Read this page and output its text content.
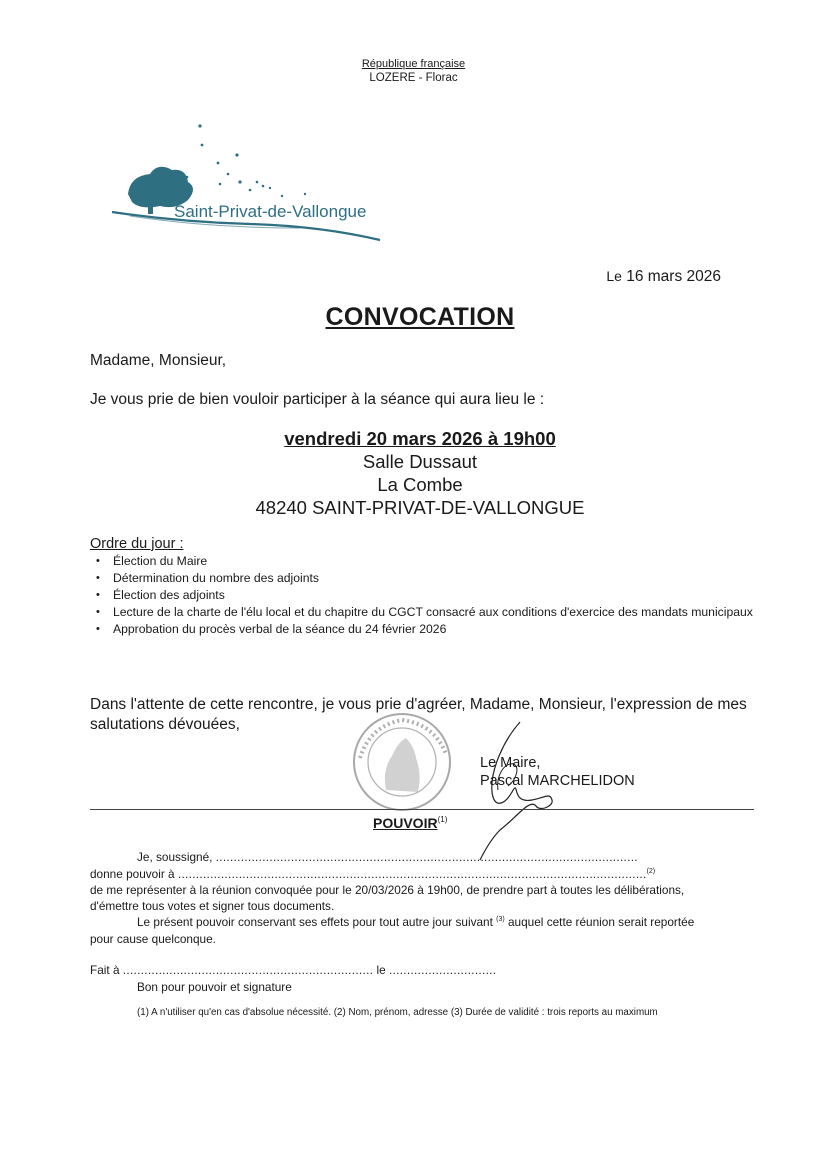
République française
LOZERE - Florac
Saint-Privat-de-Vallongue
Le 16 mars 2026
CONVOCATION
Madame, Monsieur,
Je vous prie de bien vouloir participer à la séance qui aura lieu le :
vendredi 20 mars 2026 à 19h00
Salle Dussaut
La Combe
48240 SAINT-PRIVAT-DE-VALLONGUE
Ordre du jour :
• Élection du Maire
• Détermination du nombre des adjoints
• Élection des adjoints
• Lecture de la charte de l'élu local et du chapitre du CGCT consacré aux conditions d'exercice des mandats municipaux
• Approbation du procès verbal de la séance du 24 février 2026
Dans l'attente de cette rencontre, je vous prie d'agréer, Madame, Monsieur, l'expression de mes salutations dévouées,
Le Maire,
Pascal MARCHELIDON
POUVOIR$^{(1)}$
Je, soussigné, ......................................................................................................................
donne pouvoir à ...................................................................................................................................$^{(2)}$
de me représenter à la réunion convoquée pour le 20/03/2026 à 19h00, de prendre part à toutes les délibérations,
d'émettre tous votes et signer tous documents.
Le présent pouvoir conservant ses effets pour tout autre jour suivant $^{(3)}$ auquel cette réunion serait reportée
pour cause quelconque.
Fait à ...................................................................... le ..............................
Bon pour pouvoir et signature
(1) A n'utiliser qu'en cas d'absolue nécessité. (2) Nom, prénom, adresse (3) Durée de validité : trois reports au maximum
